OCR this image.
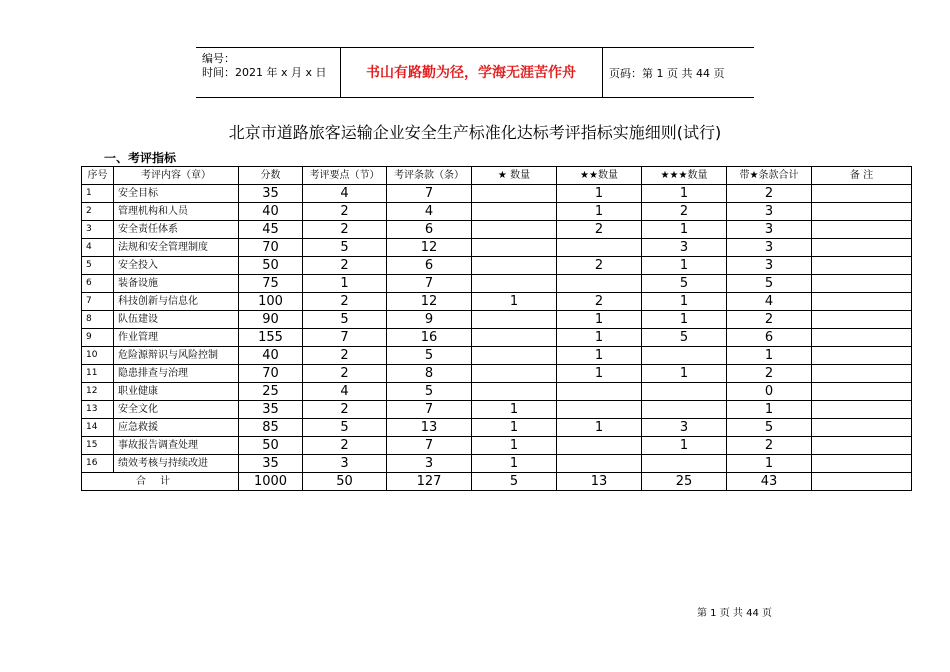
编号：
时间：2021 年 x 月 x 日	书山有路勤为径，学海无涯苦作舟	页码：第 1 页 共 44 页
北京市道路旅客运输企业安全生产标准化达标考评指标实施细则(试行)
一、考评指标
序号	考评内容（章）	分数	考评要点（节）	考评条款（条）	★ 数量	★★数量	★★★数量	带★条款合计	备 注
1	安全目标	35	4	7		1	1	2	
2	管理机构和人员	40	2	4		1	2	3	
3	安全责任体系	45	2	6		2	1	3	
4	法规和安全管理制度	70	5	12			3	3	
5	安全投入	50	2	6		2	1	3	
6	装备设施	75	1	7			5	5	
7	科技创新与信息化	100	2	12	1	2	1	4	
8	队伍建设	90	5	9		1	1	2	
9	作业管理	155	7	16		1	5	6	
10	危险源辩识与风险控制	40	2	5		1		1	
11	隐患排查与治理	70	2	8		1	1	2	
12	职业健康	25	4	5				0	
13	安全文化	35	2	7	1			1	
14	应急救援	85	5	13	1	1	3	5	
15	事故报告调查处理	50	2	7	1		1	2	
16	绩效考核与持续改进	35	3	3	1			1	
合计		1000	50	127	5	13	25	43	
第 1 页 共 44 页
